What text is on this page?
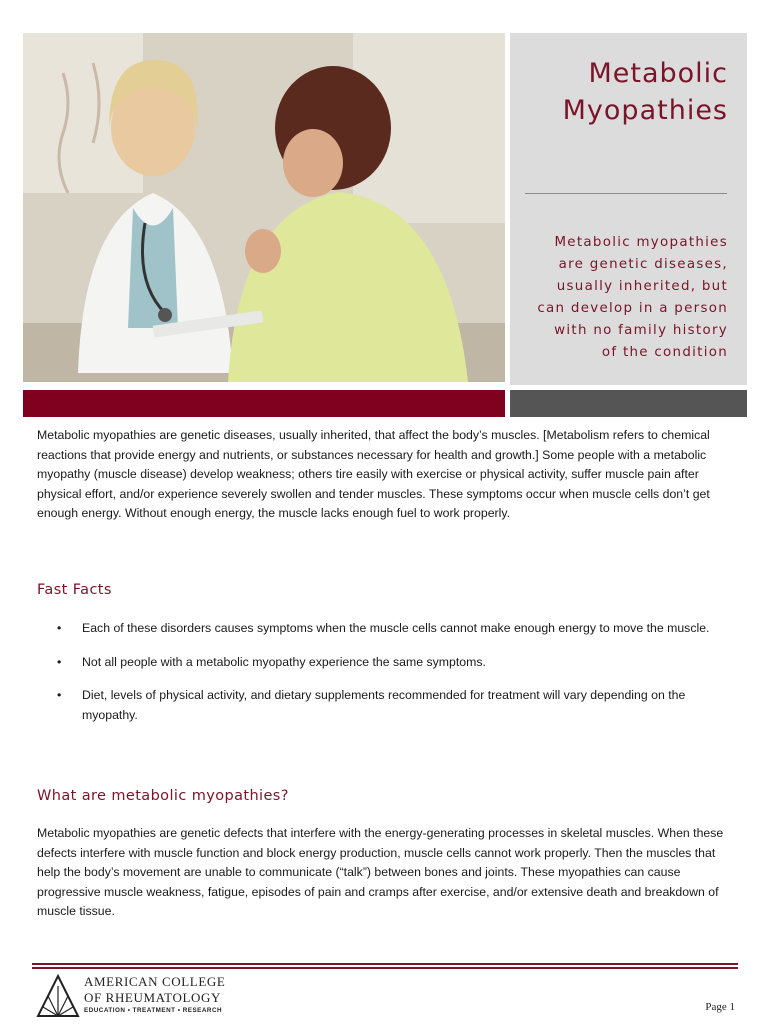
Metabolic
Myopathies
Metabolic myopathies
are genetic diseases,
usually inherited, but
can develop in a person
with no family history
of the condition

Metabolic myopathies are genetic diseases, usually inherited, that affect the body’s muscles. [Metabolism refers to chemical reactions that provide energy and nutrients, or substances necessary for health and growth.] Some people with a metabolic myopathy (muscle disease) develop weakness; others tire easily with exercise or physical activity, suffer muscle pain after physical effort, and/or experience severely swollen and tender muscles. These symptoms occur when muscle cells don’t get enough energy. Without enough energy, the muscle lacks enough fuel to work properly.

Fast Facts
• Each of these disorders causes symptoms when the muscle cells cannot make enough energy to move the muscle.
• Not all people with a metabolic myopathy experience the same symptoms.
• Diet, levels of physical activity, and dietary supplements recommended for treatment will vary depending on the myopathy.
What are metabolic myopathies?

Metabolic myopathies are genetic defects that interfere with the energy-generating processes in skeletal muscles. When these defects interfere with muscle function and block energy production, muscle cells cannot work properly. Then the muscles that help the body’s movement are unable to communicate (“talk”) between bones and joints. These myopathies can cause progressive muscle weakness, fatigue, episodes of pain and cramps after exercise, and/or extensive death and breakdown of muscle tissue.

AMERICAN COLLEGE
OF RHEUMATOLOGY
EDUCATION • TREATMENT • RESEARCH	Page 1
